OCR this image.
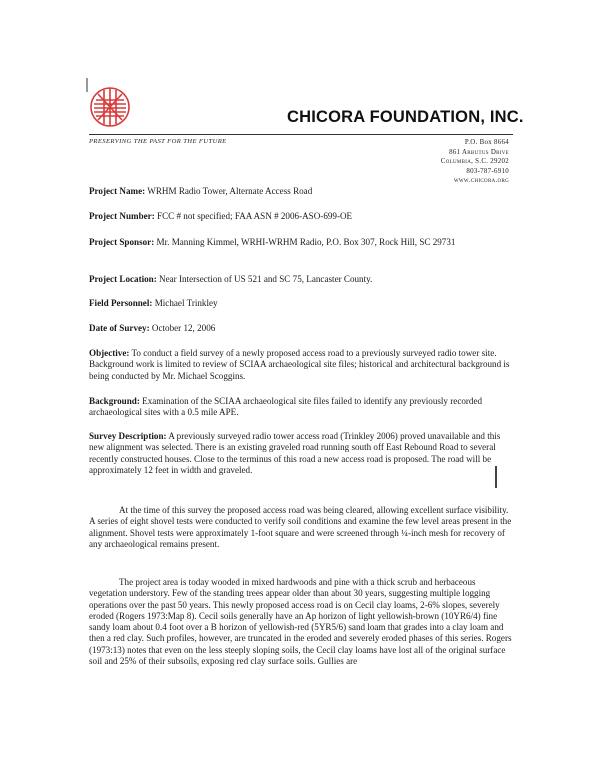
CHICORA FOUNDATION, INC.
PRESERVING THE PAST FOR THE FUTURE	P.O. Box 8664
861 Arbutus Drive
Columbia, S.C. 29202
803-787-6910
www.chicora.org
Project Name: WRHM Radio Tower, Alternate Access Road
Project Number: FCC # not specified; FAA ASN # 2006-ASO-699-OE
Project Sponsor: Mr. Manning Kimmel, WRHI-WRHM Radio, P.O. Box 307, Rock Hill, SC 29731
Project Location: Near Intersection of US 521 and SC 75, Lancaster County.
Field Personnel: Michael Trinkley
Date of Survey: October 12, 2006
Objective: To conduct a field survey of a newly proposed access road to a previously surveyed radio tower site. Background work is limited to review of SCIAA archaeological site files; historical and architectural background is being conducted by Mr. Michael Scoggins.
Background: Examination of the SCIAA archaeological site files failed to identify any previously recorded archaeological sites with a 0.5 mile APE.
Survey Description: A previously surveyed radio tower access road (Trinkley 2006) proved unavailable and this new alignment was selected. There is an existing graveled road running south off East Rebound Road to several recently constructed houses. Close to the terminus of this road a new access road is proposed. The road will be approximately 12 feet in width and graveled.
At the time of this survey the proposed access road was being cleared, allowing excellent surface visibility. A series of eight shovel tests were conducted to verify soil conditions and examine the few level areas present in the alignment. Shovel tests were approximately 1-foot square and were screened through ¼-inch mesh for recovery of any archaeological remains present.
The project area is today wooded in mixed hardwoods and pine with a thick scrub and herbaceous vegetation understory. Few of the standing trees appear older than about 30 years, suggesting multiple logging operations over the past 50 years. This newly proposed access road is on Cecil clay loams, 2-6% slopes, severely eroded (Rogers 1973:Map 8). Cecil soils generally have an Ap horizon of light yellowish-brown (10YR6/4) fine sandy loam about 0.4 foot over a B horizon of yellowish-red (5YR5/6) sand loam that grades into a clay loam and then a red clay. Such profiles, however, are truncated in the eroded and severely eroded phases of this series. Rogers (1973:13) notes that even on the less steeply sloping soils, the Cecil clay loams have lost all of the original surface soil and 25% of their subsoils, exposing red clay surface soils. Gullies are
